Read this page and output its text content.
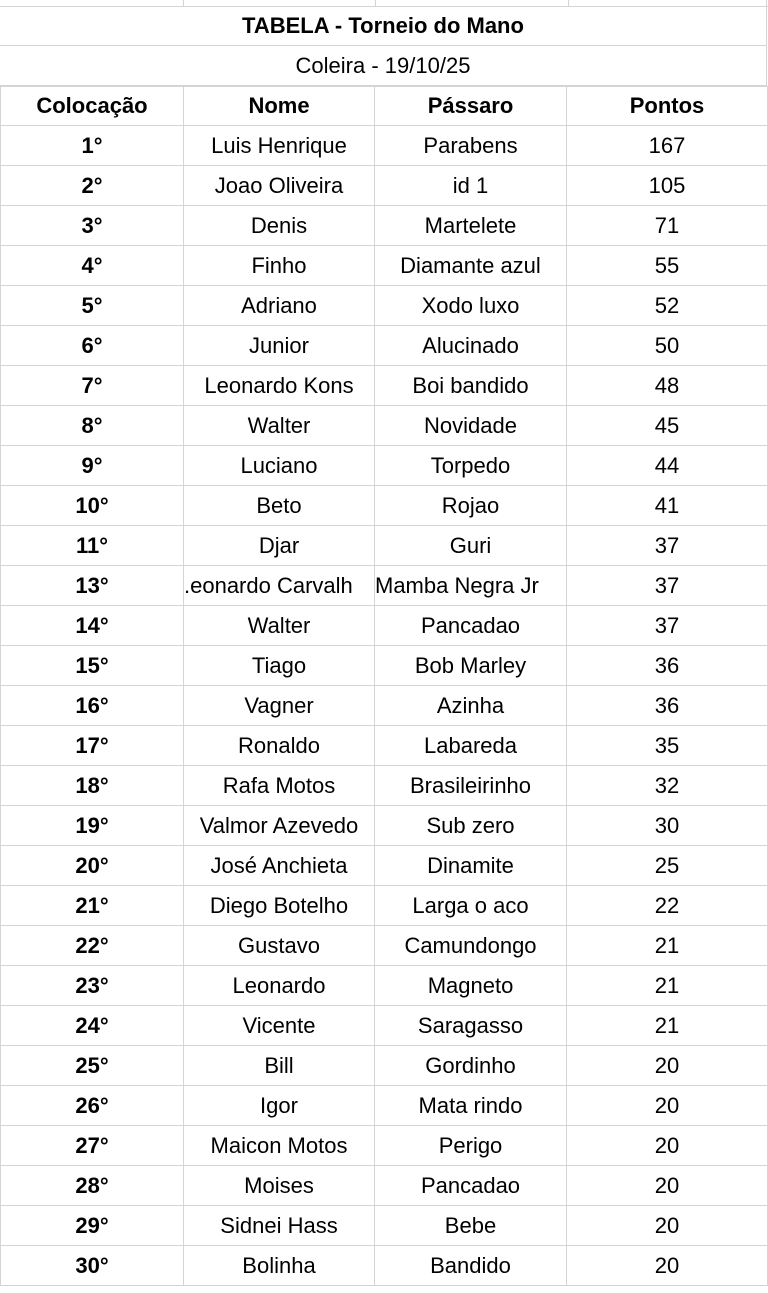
TABELA - Torneio do Mano
Coleira - 19/10/25
Colocação	Nome	Pássaro	Pontos
1°	Luis Henrique	Parabens	167
2°	Joao Oliveira	id 1	105
3°	Denis	Martelete	71
4°	Finho	Diamante azul	55
5°	Adriano	Xodo luxo	52
6°	Junior	Alucinado	50
7°	Leonardo Kons	Boi bandido	48
8°	Walter	Novidade	45
9°	Luciano	Torpedo	44
10°	Beto	Rojao	41
11°	Djar	Guri	37
13°	.eonardo Carvalh	Mamba Negra Jr	37
14°	Walter	Pancadao	37
15°	Tiago	Bob Marley	36
16°	Vagner	Azinha	36
17°	Ronaldo	Labareda	35
18°	Rafa Motos	Brasileirinho	32
19°	Valmor Azevedo	Sub zero	30
20°	José Anchieta	Dinamite	25
21°	Diego Botelho	Larga o aco	22
22°	Gustavo	Camundongo	21
23°	Leonardo	Magneto	21
24°	Vicente	Saragasso	21
25°	Bill	Gordinho	20
26°	Igor	Mata rindo	20
27°	Maicon Motos	Perigo	20
28°	Moises	Pancadao	20
29°	Sidnei Hass	Bebe	20
30°	Bolinha	Bandido	20
